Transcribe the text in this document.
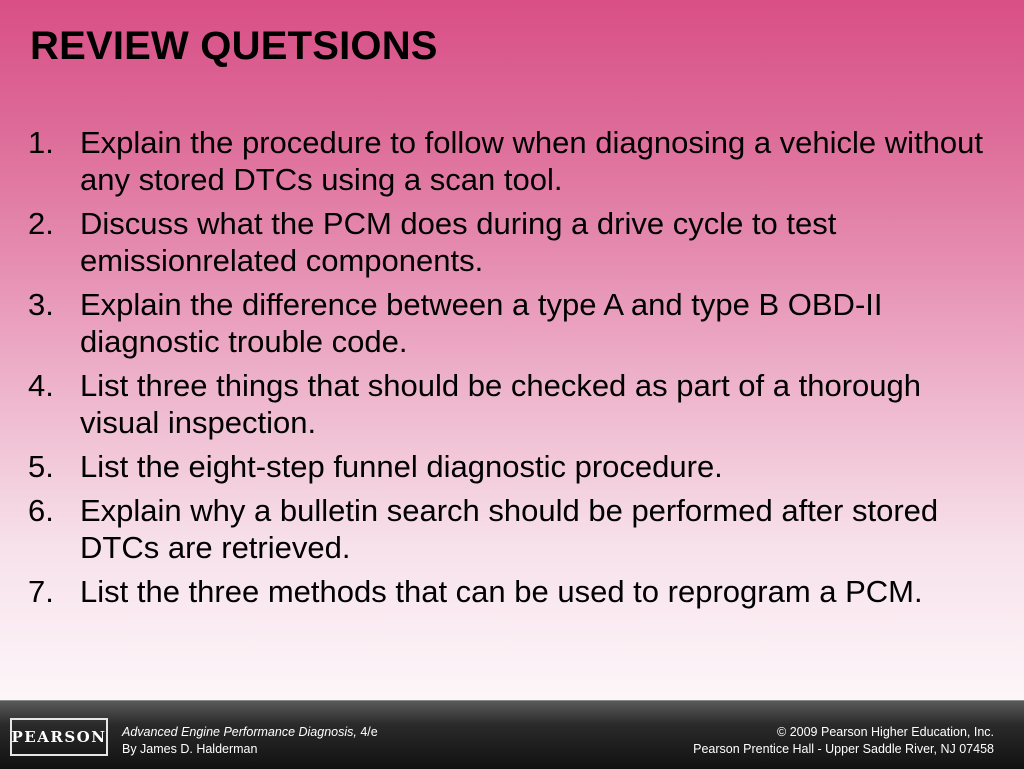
REVIEW QUETSIONS
1. Explain the procedure to follow when diagnosing a vehicle without any stored DTCs using a scan tool.
2. Discuss what the PCM does during a drive cycle to test emissionrelated components.
3. Explain the difference between a type A and type B OBD-II diagnostic trouble code.
4. List three things that should be checked as part of a thorough visual inspection.
5. List the eight-step funnel diagnostic procedure.
6. Explain why a bulletin search should be performed after stored DTCs are retrieved.
7. List the three methods that can be used to reprogram a PCM.
PEARSON Advanced Engine Performance Diagnosis, 4/e
By James D. Halderman
© 2009 Pearson Higher Education, Inc.
Pearson Prentice Hall - Upper Saddle River, NJ 07458
